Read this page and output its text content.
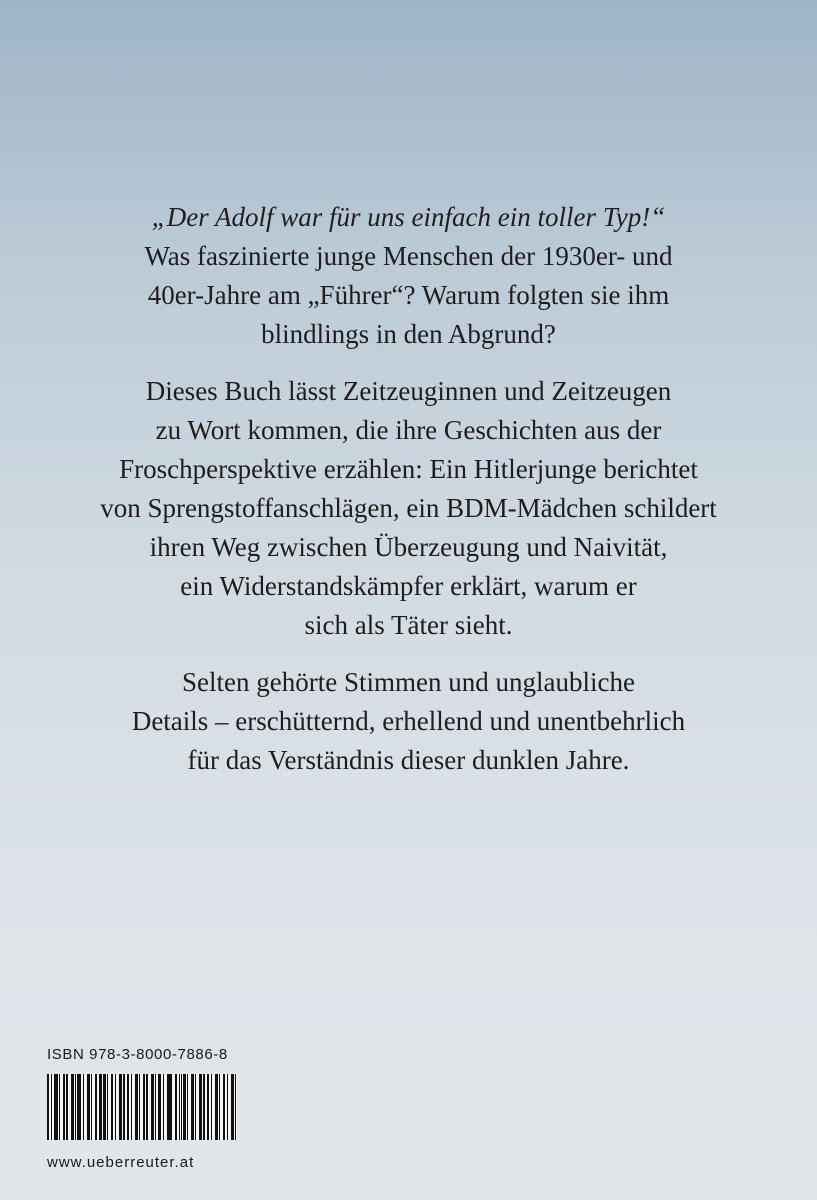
„Der Adolf war für uns einfach ein toller Typ!“
Was faszinierte junge Menschen der 1930er- und
40er-Jahre am „Führer“? Warum folgten sie ihm
blindlings in den Abgrund?

Dieses Buch lässt Zeitzeuginnen und Zeitzeugen
zu Wort kommen, die ihre Geschichten aus der
Froschperspektive erzählen: Ein Hitlerjunge berichtet
von Sprengstoffanschlägen, ein BDM-Mädchen schildert
ihren Weg zwischen Überzeugung und Naivität,
ein Widerstandskämpfer erklärt, warum er
sich als Täter sieht.

Selten gehörte Stimmen und unglaubliche
Details – erschütternd, erhellend und unentbehrlich
für das Verständnis dieser dunklen Jahre.

ISBN 978-3-8000-7886-8
www.ueberreuter.at
